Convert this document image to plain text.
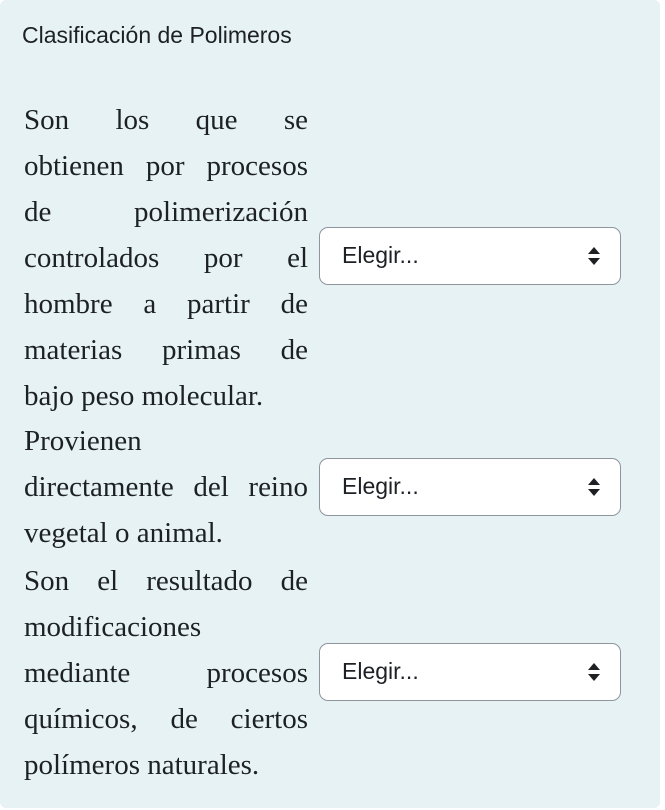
Clasificación de Polimeros
Son los que se
obtienen por procesos
de polimerización
controlados por el
hombre a partir de
materias primas de
bajo peso molecular.
Elegir...
Provienen
directamente del reino
vegetal o animal.
Elegir...
Son el resultado de
modificaciones
mediante procesos
químicos, de ciertos
polímeros naturales.
Elegir...
